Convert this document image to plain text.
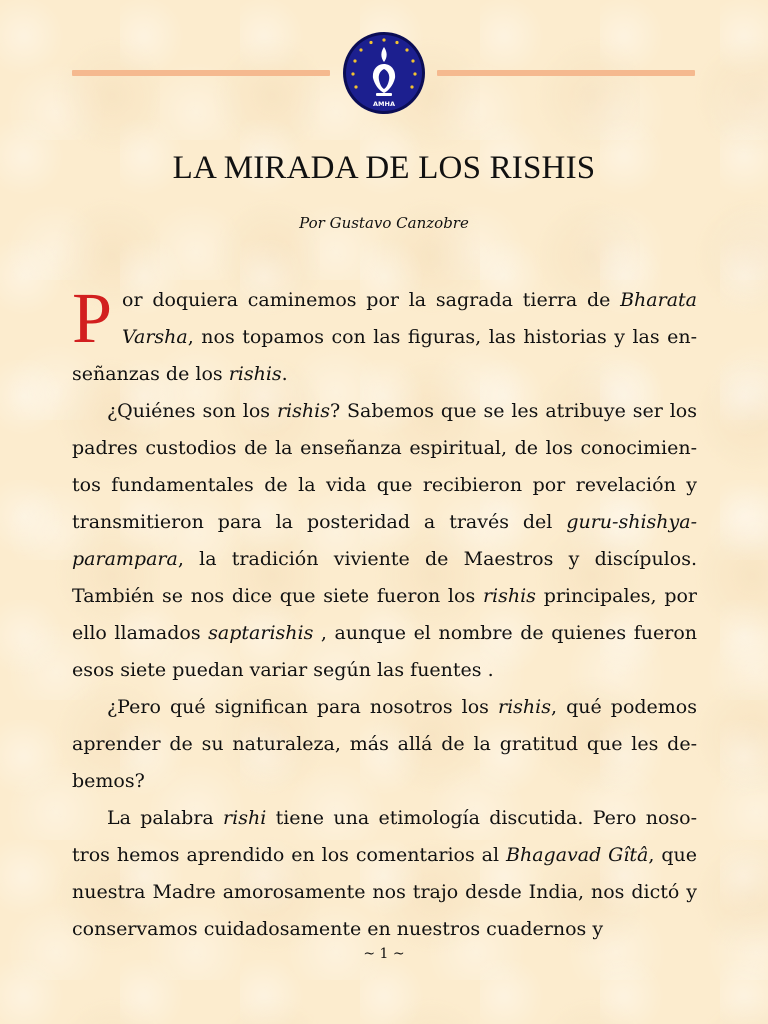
AMHA
LA MIRADA DE LOS RISHIS
Por Gustavo Canzobre

Por doquiera caminemos por la sagrada tierra de Bharata Varsha, nos topamos con las figuras, las historias y las enseñanzas de los rishis.

¿Quiénes son los rishis? Sabemos que se les atribuye ser los padres custodios de la enseñanza espiritual, de los conocimientos fundamentales de la vida que recibieron por revelación y transmitieron para la posteridad a través del guru-shishya-parampara, la tradición viviente de Maestros y discípulos. También se nos dice que siete fueron los rishis principales, por ello llamados saptarishis , aunque el nombre de quienes fueron esos siete puedan variar según las fuentes .

¿Pero qué significan para nosotros los rishis, qué podemos aprender de su naturaleza, más allá de la gratitud que les debemos?

La palabra rishi tiene una etimología discutida. Pero nosotros hemos aprendido en los comentarios al Bhagavad Gîtâ, que nuestra Madre amorosamente nos trajo desde India, nos dictó y conservamos cuidadosamente en nuestros cuadernos y

~ 1 ~
